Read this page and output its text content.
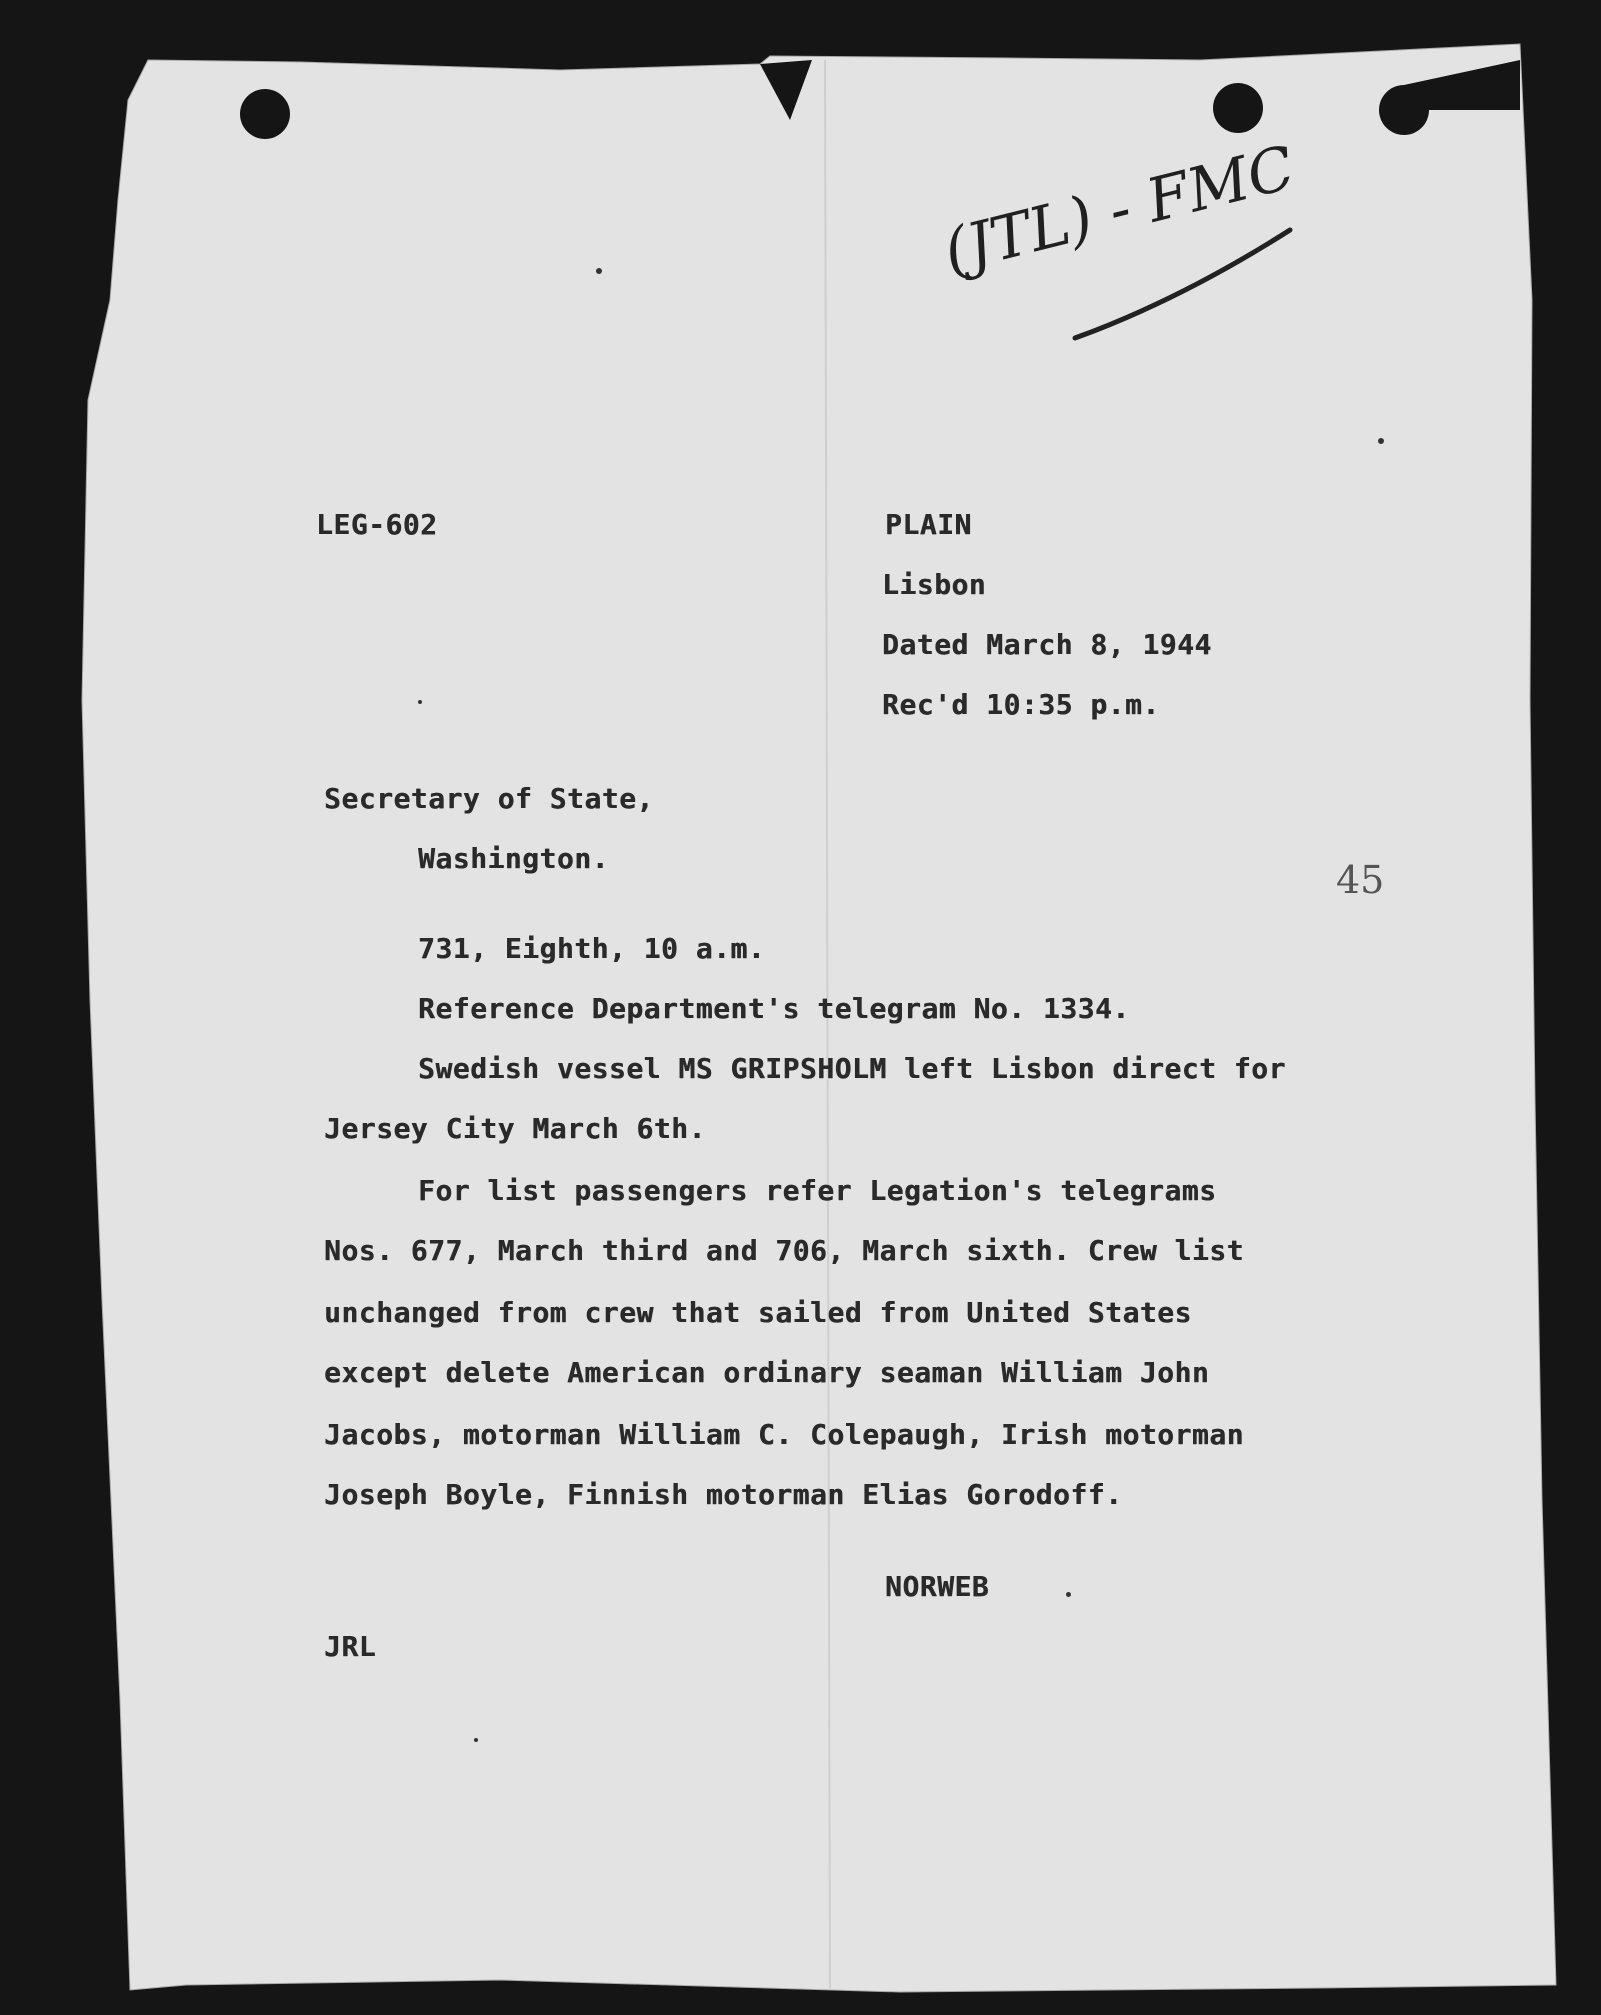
(JTL) - FMC
45
LEG-602	PLAIN
Lisbon
Dated March 8, 1944
Rec'd 10:35 p.m.
Secretary of State,
Washington.
731, Eighth, 10 a.m.
Reference Department's telegram No. 1334.
Swedish vessel MS GRIPSHOLM left Lisbon direct for
Jersey City March 6th.
For list passengers refer Legation's telegrams
Nos. 677, March third and 706, March sixth. Crew list
unchanged from crew that sailed from United States
except delete American ordinary seaman William John
Jacobs, motorman William C. Colepaugh, Irish motorman
Joseph Boyle, Finnish motorman Elias Gorodoff.
NORWEB
JRL
